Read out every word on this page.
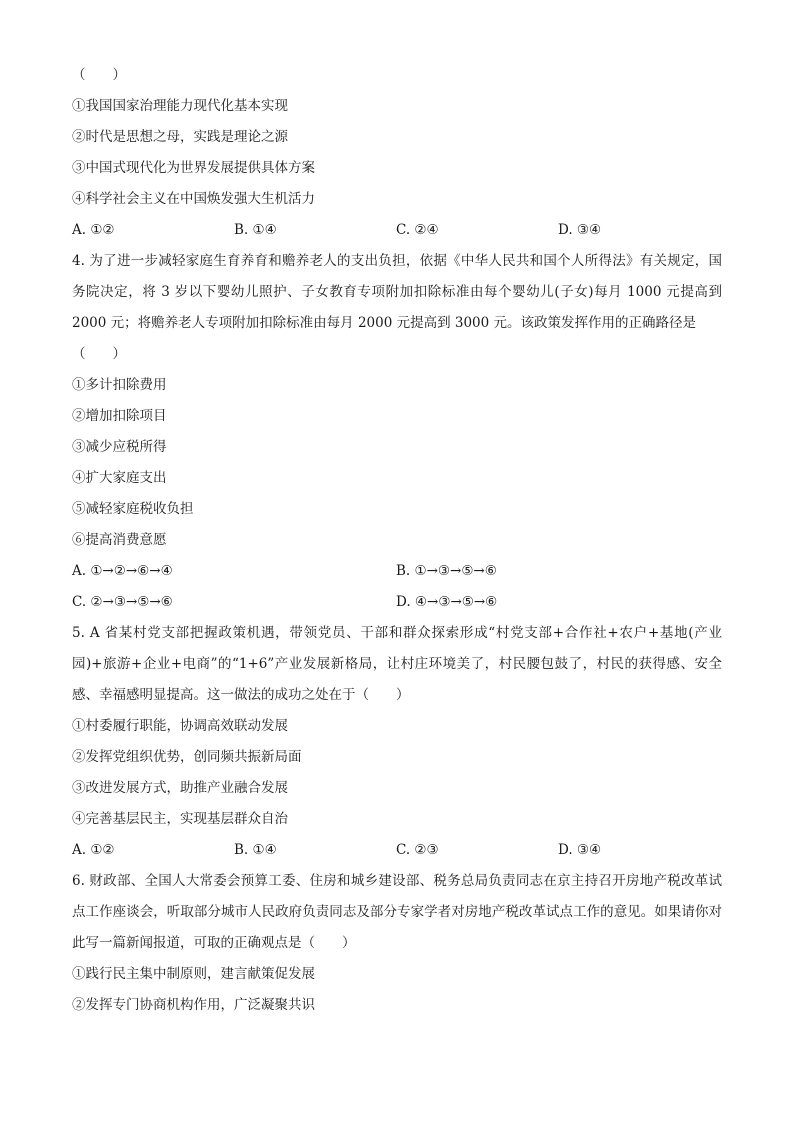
（　　）
①我国国家治理能力现代化基本实现
②时代是思想之母，实践是理论之源
③中国式现代化为世界发展提供具体方案
④科学社会主义在中国焕发强大生机活力
A. ①②	B. ①④	C. ②④	D. ③④

4. 为了进一步减轻家庭生育养育和赡养老人的支出负担，依据《中华人民共和国个人所得法》有关规定，国务院决定，将 3 岁以下婴幼儿照护、子女教育专项附加扣除标准由每个婴幼儿(子女)每月 1000 元提高到 2000 元；将赡养老人专项附加扣除标准由每月 2000 元提高到 3000 元。该政策发挥作用的正确路径是

（　　）
①多计扣除费用
②增加扣除项目
③减少应税所得
④扩大家庭支出
⑤减轻家庭税收负担
⑥提高消费意愿
A. ①→②→⑥→④	B. ①→③→⑤→⑥
C. ②→③→⑤→⑥	D. ④→③→⑤→⑥

5. A 省某村党支部把握政策机遇，带领党员、干部和群众探索形成“村党支部+合作社+农户+基地(产业园)+旅游+企业+电商”的“1+6”产业发展新格局，让村庄环境美了，村民腰包鼓了，村民的获得感、安全感、幸福感明显提高。这一做法的成功之处在于（　　）

①村委履行职能，协调高效联动发展
②发挥党组织优势，创同频共振新局面
③改进发展方式，助推产业融合发展
④完善基层民主，实现基层群众自治
A. ①②	B. ①④	C. ②③	D. ③④

6. 财政部、全国人大常委会预算工委、住房和城乡建设部、税务总局负责同志在京主持召开房地产税改革试点工作座谈会，听取部分城市人民政府负责同志及部分专家学者对房地产税改革试点工作的意见。如果请你对此写一篇新闻报道，可取的正确观点是（　　）

①践行民主集中制原则，建言献策促发展
②发挥专门协商机构作用，广泛凝聚共识
